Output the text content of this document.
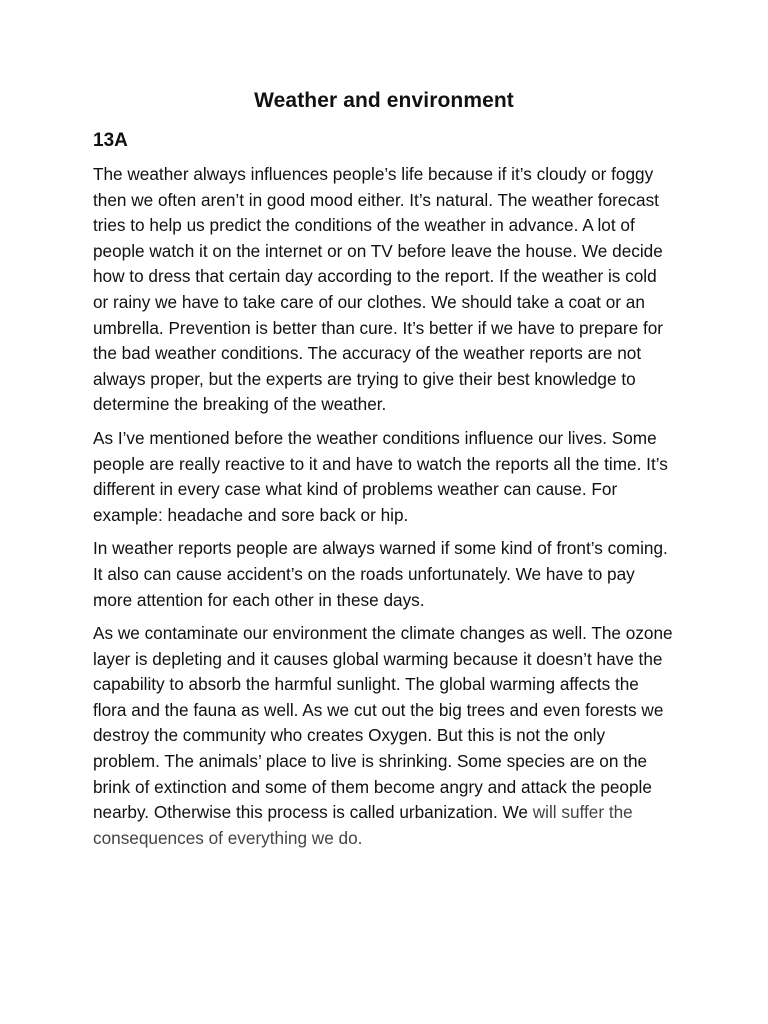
Weather and environment
13A

The weather always influences people’s life because if it’s cloudy or foggy then we often aren’t in good mood either. It’s natural. The weather forecast tries to help us predict the conditions of the weather in advance. A lot of people watch it on the internet or on TV before leave the house. We decide how to dress that certain day according to the report. If the weather is cold or rainy we have to take care of our clothes. We should take a coat or an umbrella. Prevention is better than cure. It’s better if we have to prepare for the bad weather conditions. The accuracy of the weather reports are not always proper, but the experts are trying to give their best knowledge to determine the breaking of the weather.

As I’ve mentioned before the weather conditions influence our lives. Some people are really reactive to it and have to watch the reports all the time. It’s different in every case what kind of problems weather can cause. For example: headache and sore back or hip.

In weather reports people are always warned if some kind of front’s coming. It also can cause accident’s on the roads unfortunately. We have to pay more attention for each other in these days.

As we contaminate our environment the climate changes as well. The ozone layer is depleting and it causes global warming because it doesn’t have the capability to absorb the harmful sunlight. The global warming affects the flora and the fauna as well. As we cut out the big trees and even forests we destroy the community who creates Oxygen. But this is not the only problem. The animals’ place to live is shrinking. Some species are on the brink of extinction and some of them become angry and attack the people nearby. Otherwise this process is called urbanization. We will suffer the consequences of everything we do.
